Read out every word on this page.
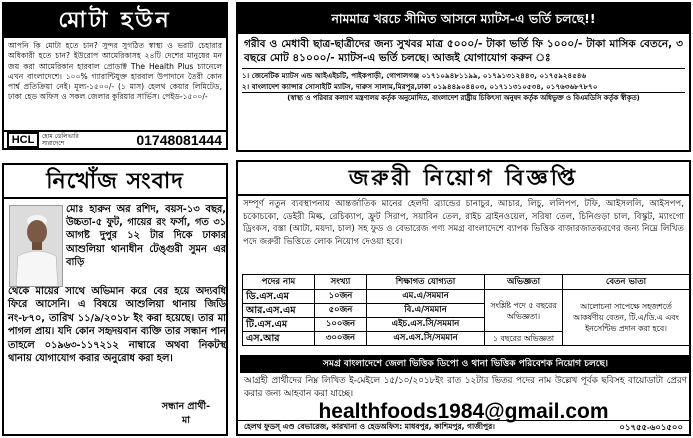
মোটা হউন
আপনি কি মোটা হতে চান? সুন্দর সুগঠিত স্বাস্থ্য ও ভরাট চেহারার অধিকারী হতে চান? ইউরোপ আমেরিকাসহ ২৪টি দেশের মানুষের মন জয় করা আমেরিকান হারবাল প্রোডাক্ট The Health Plus চ্যানেলে এখন বাংলাদেশে। ১০০% গ্যারান্টিযুক্ত হারবাল উপাদানে তৈরী কোন পার্শ্ব প্রতিক্রিয়া নেই। মূল্য-১৫০০/- (১ মাস) হেলথ কেয়ার লিমিটেড, ঢাকা হেড অফিস ও সকল জেলার কুরিয়ার সার্ভিস। পেইড-১৫০০/-
HCL	হোম ডেলিভারি সারাদেশে	01748081444
নিখোঁজ সংবাদ
মোঃ হারুন অর রশিদ, বয়স-১৩ বছর, উচ্চতা-৫ ফুট, গায়ের রং ফর্সা, গত ৩১ আগষ্ট দুপুর ১২ টার দিকে ঢাকার আশুলিয়া থানাধীন টেঙ্গুরী সুমন এর বাড়ি
থেকে মায়ের সাথে অভিমান করে বের হয়ে অদ্যবধি ফিরে আসেনি। এ বিষয়ে আশুলিয়া থানায় জিডি নং-৮৭০, তারিখ ১১/৯/২০১৮ ইং করা হয়েছে। তার মা পাগল প্রায়। যদি কোন সহৃদয়বান ব্যক্তি তার সন্ধান পান তাহলে ০১৯৬৩-১১৭২১২ নাম্বারে অথবা নিকটস্থ থানায় যোগাযোগ করার অনুরোধ করা হল।
সন্ধান প্রার্থী-
মা
নামমাত্র খরচে সীমিত আসনে ম্যাটস-এ ভর্তি চলছে!!
গরীব ও মেধাবী ছাত্র-ছাত্রীদের জন্য সুখবর মাত্র ৫০০০/- টাকা ভর্তি ফি ১০০০/- টাকা মাসিক বেতনে, ৩ বছরে মোট ৪১০০০/- ম্যাটস-এ ভর্তি চলছে। আজই যোগাযোগ করুন ঃ
১। জেনেটিক ম্যাটস এন্ড আইএইচটি, পাইকপাড়ী, গোপালগঞ্জ ০১৭১০৯৪৮১১৯৯, ০১৭৯১৩১২৪৪৩, ০১৭৫৯২৪৫৪৬
২। বাংলাদেশ ক্যান্সার সোসাইটি ম্যাটস, দারুস সালাম,মিরপুর,ঢাকা ০১৯৪৪৯০৪৪০৩, ০১৭১১৩১০৫৩৪, ০১৭৬৩৬৮৭৮৭০
(স্বাস্থ্য ও পরিবার কল্যাণ মন্ত্রণালয় কর্তৃক অনুমোদিত, বাংলাদেশ রাষ্ট্রীয় চিকিৎসা অনুষদ কর্তৃক অধিভুক্ত ও বিএমডিসি কর্তৃক স্বীকৃত)
জরুরী নিয়োগ বিজ্ঞপ্তি
সম্পূর্ণ নতুন ব্যবস্থাপনায় আন্তর্জাতিক মানের হেলদী ব্র্যান্ডের চানাচুর, আচার, লিচু, ললিপপ, টফি, আইসললি, আইসপপ, চকোচকো, ডেইরী মিল্ক, রেচিক্যাপ, ফ্রুট সিরাপ, সয়াবিন তেল, রাইচ ব্রাইনওয়েল, সরিষা তেল, চিনিগুড়া চাল, বিস্কুট, ম্যাংগো ড্রিংকস, বস্তা (আটা, ময়দা, চাল) সহ ফুড ও বেভারেজ পণ্য সমগ্র বাংলাদেশে ব্যাপক ভিত্তিক বাজারজাতকরণের জন্য নিম্নে লিখিত পদে জরুরী ভিত্তিতে লোক নিয়োগ দেওয়া হবে।
পদের নাম	সংখ্যা	শিক্ষাগত যোগ্যতা	অভিজ্ঞতা	বেতন ভাতা
ডি.এস.এম	১০জন	এম.এ/সমমান	সংশ্লিষ্ট পদে ৫ বছরের অভিজ্ঞতা।	আলোচনা সাপেক্ষে সহজশর্তে আকর্ষণীয় বেতন, টি.এ/ডি.এ এবং ইনসেন্টিভ প্রদান করা হবে।
আর.এস.এম	৫০জন	বি.এ/সমমান		
টি.এস.এম	১০০জন	এইচ.এস.সি/সমমান		
এস.আর	৩০০জন	এস.এস.সি/সমমান	১ বছরের অভিজ্ঞতা	
সমগ্র বাংলাদেশে জেলা ভিত্তিক ডিপো ও থানা ভিত্তিক পরিবেশক নিয়োগ চলছে।
আগ্রহী প্রার্থীদের নিম্ন লিখিত ই-মেইলে ১৫/১০/২০১৮ইং রাত ১২টার ভিতর পদের নাম উল্লেখ পূর্বক ছবিসহ বায়োডাটা প্রেরণ করার জন্য আহবান করা যাচ্ছে।
healthfoods1984@gmail.com
হেলথ ফুডস্ এণ্ড বেভারেজ, কারখানা ও হেডঅফিস: মাধবপুর, কাশিমপুর, গাজীপুর।	০১৭৫৫-৬০১৫০০
